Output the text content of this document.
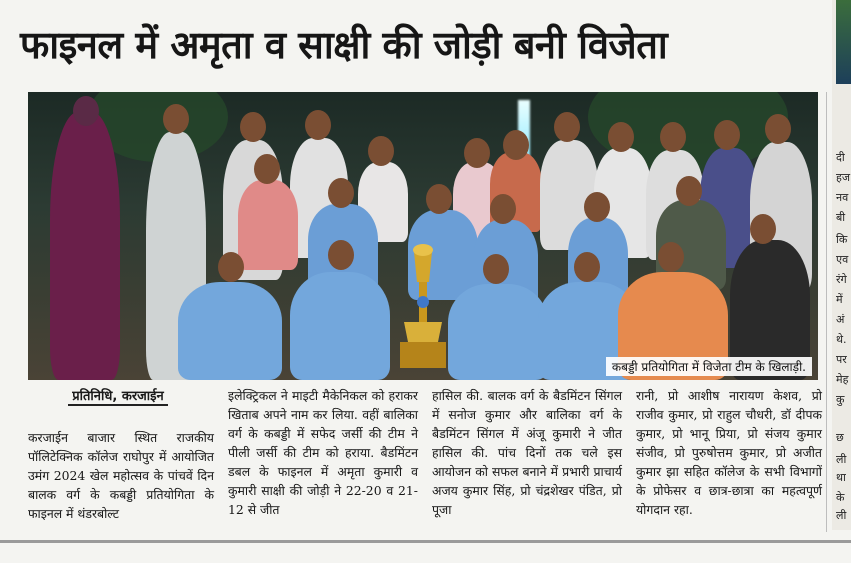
फाइनल में अमृता व साक्षी की जोड़ी बनी विजेता
कबड्डी प्रतियोगिता में विजेता टीम के खिलाड़ी.
प्रतिनिधि, करजाईन
करजाईन बाजार स्थित राजकीय पॉलिटेक्निक कॉलेज राघोपुर में आयोजित उमंग 2024 खेल महोत्सव के पांचवें दिन बालक वर्ग के कबड्डी प्रतियोगिता के फाइनल में थंडरबोल्ट
इलेक्ट्रिकल ने माइटी मैकेनिकल को हराकर खिताब अपने नाम कर लिया. वहीं बालिका वर्ग के कबड्डी में सफेद जर्सी की टीम ने पीली जर्सी की टीम को हराया. बैडमिंटन डबल के फाइनल में अमृता कुमारी व कुमारी साक्षी की जोड़ी ने 22-20 व 21-12 से जीत
हासिल की. बालक वर्ग के बैडमिंटन सिंगल में सनोज कुमार और बालिका वर्ग के बैडमिंटन सिंगल में अंजू कुमारी ने जीत हासिल की. पांच दिनों तक चले इस आयोजन को सफल बनाने में प्रभारी प्राचार्य अजय कुमार सिंह, प्रो चंद्रशेखर पंडित, प्रो पूजा
रानी, प्रो आशीष नारायण केशव, प्रो राजीव कुमार, प्रो राहुल चौधरी, डॉ दीपक कुमार, प्रो भानू प्रिया, प्रो संजय कुमार संजीव, प्रो पुरुषोत्तम कुमार, प्रो अजीत कुमार झा सहित कॉलेज के सभी विभागों के प्रोफेसर व छात्र-छात्रा का महत्वपूर्ण योगदान रहा.
दी
हज
नव
बी
कि
एव
रंगे
में
अं
थे.
पर
मेह
कु
छ
ली
था
के
ली
